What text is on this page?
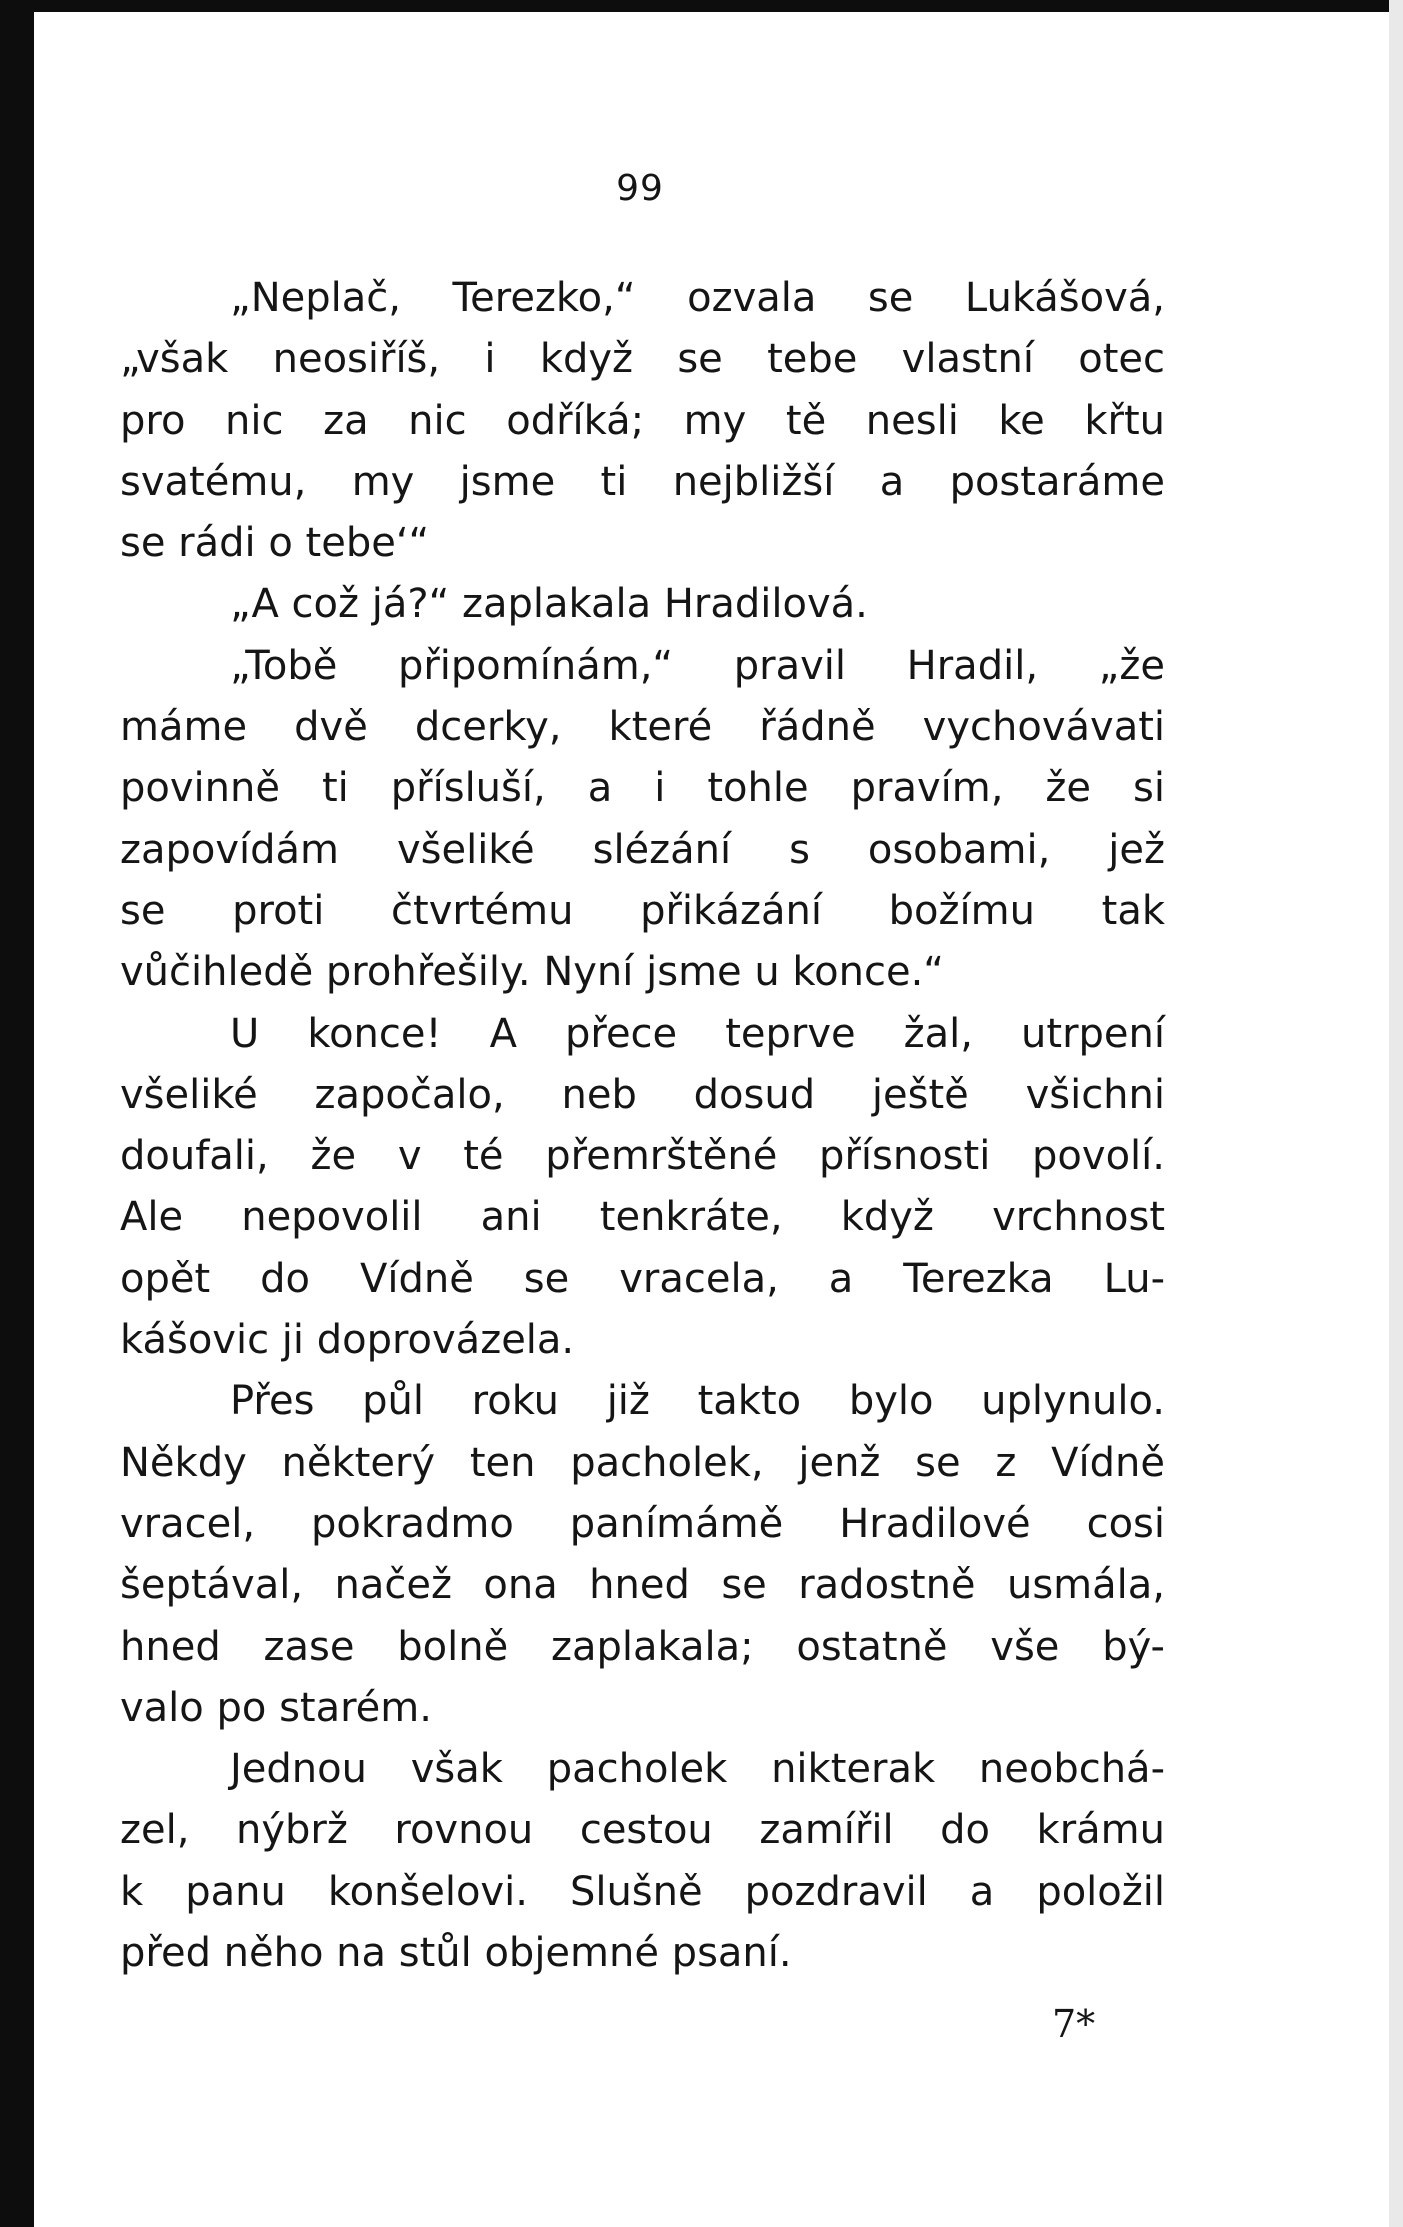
99
„Neplač, Terezko,“ ozvala se Lukášová,
„však neosiříš, i když se tebe vlastní otec
pro nic za nic odříká; my tě nesli ke křtu
svatému, my jsme ti nejbližší a postaráme
se rádi o tebe‘“
„A což já?“ zaplakala Hradilová.
„Tobě připomínám,“ pravil Hradil, „že
máme dvě dcerky, které řádně vychovávati
povinně ti přísluší, a i tohle pravím, že si
zapovídám všeliké slézání s osobami, jež
se proti čtvrtému přikázání božímu tak
vůčihledě prohřešily. Nyní jsme u konce.“
U konce! A přece teprve žal, utrpení
všeliké započalo, neb dosud ještě všichni
doufali, že v té přemrštěné přísnosti povolí.
Ale nepovolil ani tenkráte, když vrchnost
opět do Vídně se vracela, a Terezka Lu-
kášovic ji doprovázela.
Přes půl roku již takto bylo uplynulo.
Někdy některý ten pacholek, jenž se z Vídně
vracel, pokradmo panímámě Hradilové cosi
šeptával, načež ona hned se radostně usmála,
hned zase bolně zaplakala; ostatně vše bý-
valo po starém.
Jednou však pacholek nikterak neobchá-
zel, nýbrž rovnou cestou zamířil do krámu
k panu konšelovi. Slušně pozdravil a položil
před něho na stůl objemné psaní.
7*
